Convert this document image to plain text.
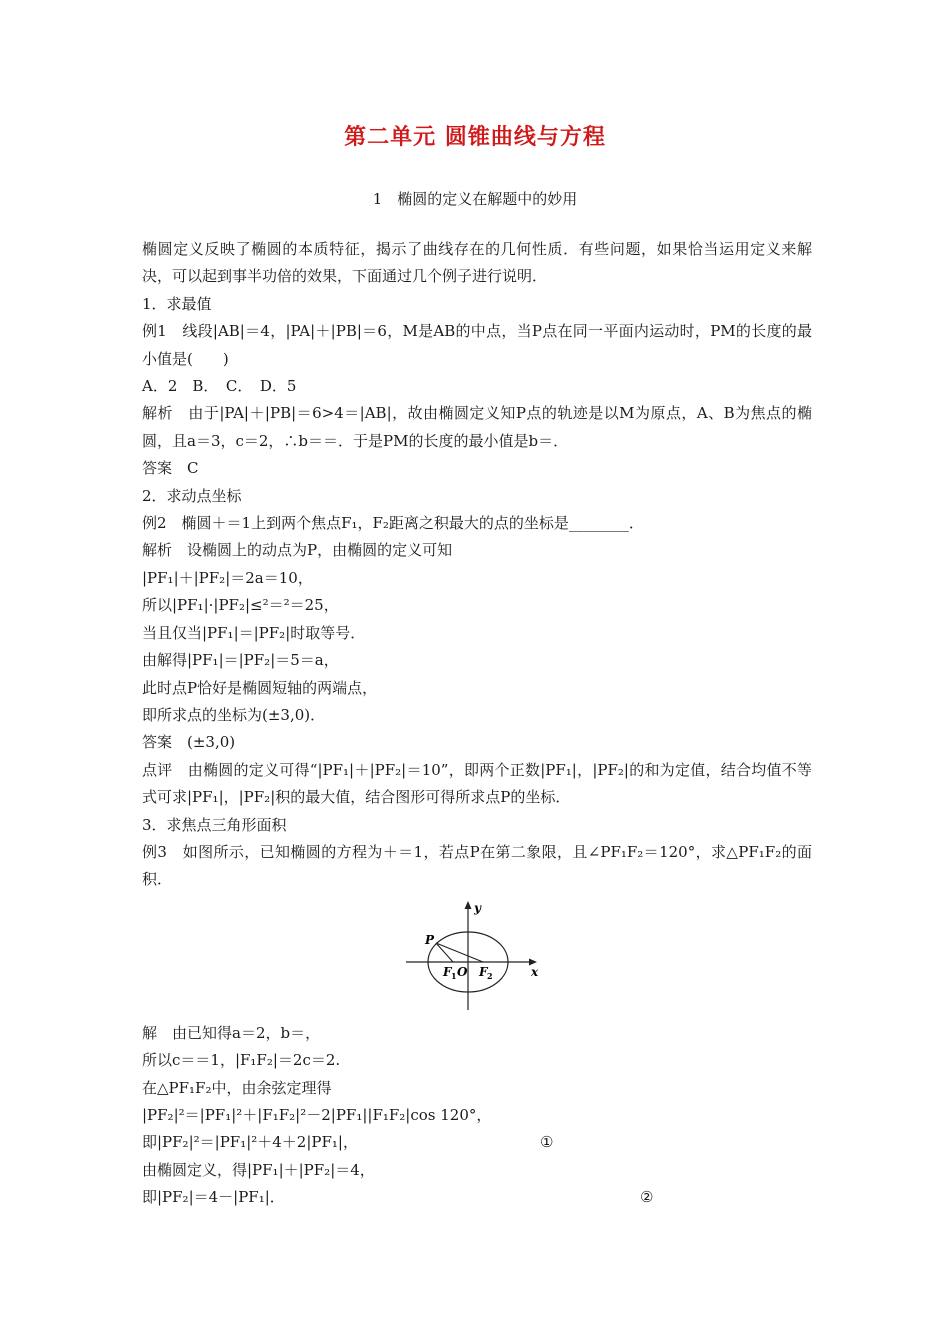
第二单元 圆锥曲线与方程
1　椭圆的定义在解题中的妙用

椭圆定义反映了椭圆的本质特征，揭示了曲线存在的几何性质．有些问题，如果恰当运用定义来解决，可以起到事半功倍的效果，下面通过几个例子进行说明．

1．求最值

例1　线段|AB|＝4，|PA|＋|PB|＝6，M是AB的中点，当P点在同一平面内运动时，PM的长度的最小值是(　　)

A．2　B．　C．　D．5

解析　由于|PA|＋|PB|＝6>4＝|AB|，故由椭圆定义知P点的轨迹是以M为原点，A、B为焦点的椭圆，且a＝3，c＝2，∴b＝＝．于是PM的长度的最小值是b＝．

答案　C

2．求动点坐标

例2　椭圆＋＝1上到两个焦点F₁，F₂距离之积最大的点的坐标是________．

解析　设椭圆上的动点为P，由椭圆的定义可知

|PF₁|＋|PF₂|＝2a＝10，

所以|PF₁|·|PF₂|≤²＝²＝25，

当且仅当|PF₁|＝|PF₂|时取等号．

由解得|PF₁|＝|PF₂|＝5＝a，

此时点P恰好是椭圆短轴的两端点，

即所求点的坐标为(±3,0)．

答案　(±3,0)

点评　由椭圆的定义可得“|PF₁|＋|PF₂|＝10”，即两个正数|PF₁|，|PF₂|的和为定值，结合均值不等式可求|PF₁|，|PF₂|积的最大值，结合图形可得所求点P的坐标．

3．求焦点三角形面积

例3　如图所示，已知椭圆的方程为＋＝1，若点P在第二象限，且∠PF₁F₂＝120°，求△PF₁F₂的面积．

y
x
P
F 1 O F 2

解　由已知得a＝2，b＝，

所以c＝＝1，|F₁F₂|＝2c＝2.

在△PF₁F₂中，由余弦定理得

|PF₂|²＝|PF₁|²＋|F₁F₂|²－2|PF₁||F₁F₂|cos 120°，

即|PF₂|²＝|PF₁|²＋4＋2|PF₁|，	①

由椭圆定义，得|PF₁|＋|PF₂|＝4，

即|PF₂|＝4－|PF₁|．	②
